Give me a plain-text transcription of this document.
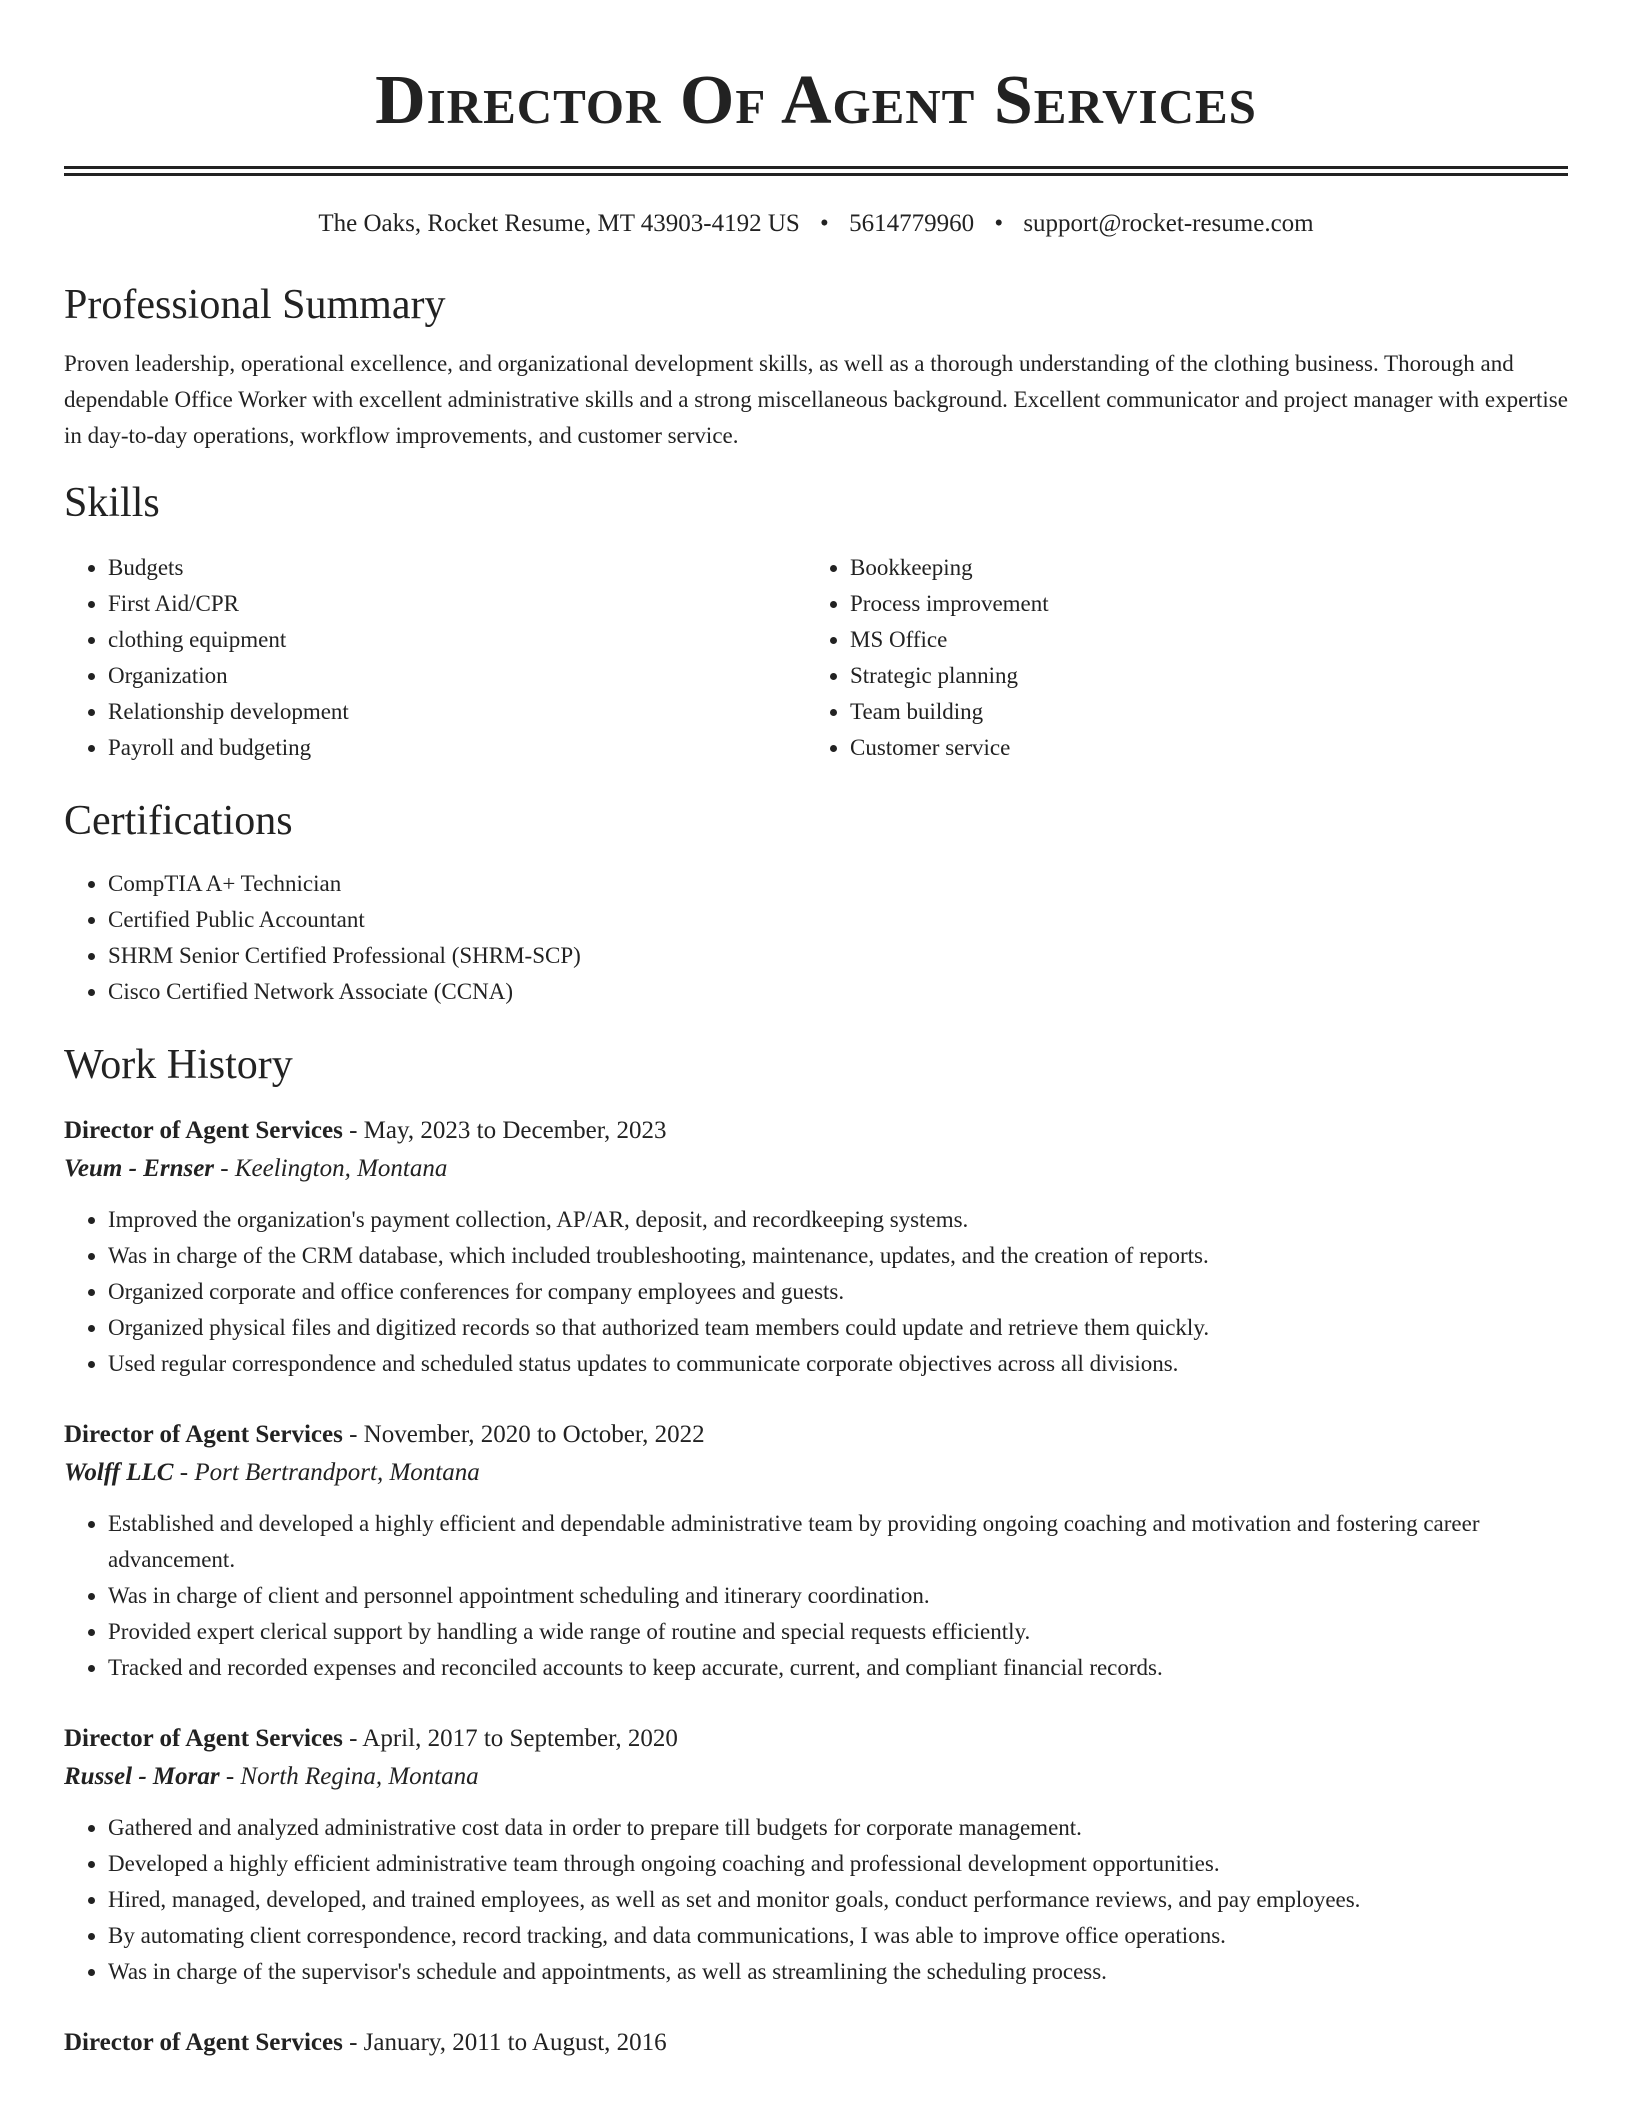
Director Of Agent Services
The Oaks, Rocket Resume, MT 43903-4192 US • 5614779960 • support@rocket-resume.com
Professional Summary

Proven leadership, operational excellence, and organizational development skills, as well as a thorough understanding of the clothing business. Thorough and dependable Office Worker with excellent administrative skills and a strong miscellaneous background. Excellent communicator and project manager with expertise in day-to-day operations, workflow improvements, and customer service.

Skills
• Budgets
• First Aid/CPR
• clothing equipment
• Organization
• Relationship development
• Payroll and budgeting
• Bookkeeping
• Process improvement
• MS Office
• Strategic planning
• Team building
• Customer service
Certifications
• CompTIA A+ Technician
• Certified Public Accountant
• SHRM Senior Certified Professional (SHRM-SCP)
• Cisco Certified Network Associate (CCNA)
Work History
Director of Agent Services - May, 2023 to December, 2023
Veum - Ernser - Keelington, Montana
• Improved the organization's payment collection, AP/AR, deposit, and recordkeeping systems.
• Was in charge of the CRM database, which included troubleshooting, maintenance, updates, and the creation of reports.
• Organized corporate and office conferences for company employees and guests.
• Organized physical files and digitized records so that authorized team members could update and retrieve them quickly.
• Used regular correspondence and scheduled status updates to communicate corporate objectives across all divisions.
Director of Agent Services - November, 2020 to October, 2022
Wolff LLC - Port Bertrandport, Montana
• Established and developed a highly efficient and dependable administrative team by providing ongoing coaching and motivation and fostering career advancement.
• Was in charge of client and personnel appointment scheduling and itinerary coordination.
• Provided expert clerical support by handling a wide range of routine and special requests efficiently.
• Tracked and recorded expenses and reconciled accounts to keep accurate, current, and compliant financial records.
Director of Agent Services - April, 2017 to September, 2020
Russel - Morar - North Regina, Montana
• Gathered and analyzed administrative cost data in order to prepare till budgets for corporate management.
• Developed a highly efficient administrative team through ongoing coaching and professional development opportunities.
• Hired, managed, developed, and trained employees, as well as set and monitor goals, conduct performance reviews, and pay employees.
• By automating client correspondence, record tracking, and data communications, I was able to improve office operations.
• Was in charge of the supervisor's schedule and appointments, as well as streamlining the scheduling process.
Director of Agent Services - January, 2011 to August, 2016
